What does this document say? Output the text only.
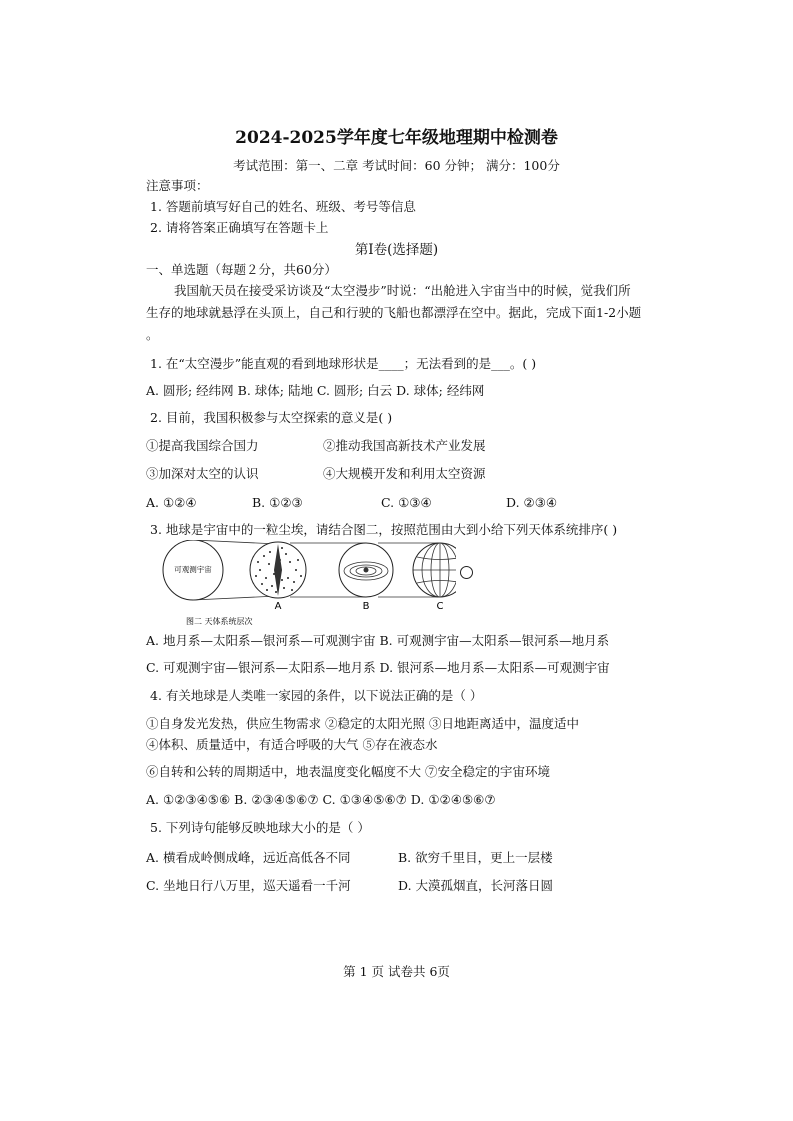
2024-2025学年度七年级地理期中检测卷
考试范围：第一、二章 考试时间：60 分钟； 满分：100分
注意事项：
1. 答题前填写好自己的姓名、班级、考号等信息
2. 请将答案正确填写在答题卡上
第Ⅰ卷(选择题)
一、单选题（每题２分，共60分）
我国航天员在接受采访谈及“太空漫步”时说：“出舱进入宇宙当中的时候，觉我们所
生存的地球就悬浮在头顶上，自己和行驶的飞船也都漂浮在空中。据此，完成下面1-2小题
。
1. 在“太空漫步”能直观的看到地球形状是____；无法看到的是___。( )
A. 圆形; 经纬网 B. 球体; 陆地 C. 圆形; 白云 D. 球体; 经纬网
2. 目前，我国积极参与太空探索的意义是( )
①提高我国综合国力	②推动我国高新技术产业发展
③加深对太空的认识	④大规模开发和利用太空资源
A. ①②④	B. ①②③	C. ①③④	D. ②③④
3. 地球是宇宙中的一粒尘埃，请结合图二，按照范围由大到小给下列天体系统排序( )
可观测宇宙
A	B	C
图二 天体系统层次
A. 地月系—太阳系—银河系—可观测宇宙 B. 可观测宇宙—太阳系—银河系—地月系
C. 可观测宇宙—银河系—太阳系—地月系 D. 银河系—地月系—太阳系—可观测宇宙
4. 有关地球是人类唯一家园的条件，以下说法正确的是（ ）
①自身发光发热，供应生物需求 ②稳定的太阳光照 ③日地距离适中，温度适中
④体积、质量适中，有适合呼吸的大气 ⑤存在液态水
⑥自转和公转的周期适中，地表温度变化幅度不大 ⑦安全稳定的宇宙环境
A. ①②③④⑤⑥ B. ②③④⑤⑥⑦ C. ①③④⑤⑥⑦ D. ①②④⑤⑥⑦
5. 下列诗句能够反映地球大小的是（ ）
A. 横看成岭侧成峰，远近高低各不同	B. 欲穷千里目，更上一层楼
C. 坐地日行八万里，巡天遥看一千河	D. 大漠孤烟直，长河落日圆
第 1 页 试卷共 6页
